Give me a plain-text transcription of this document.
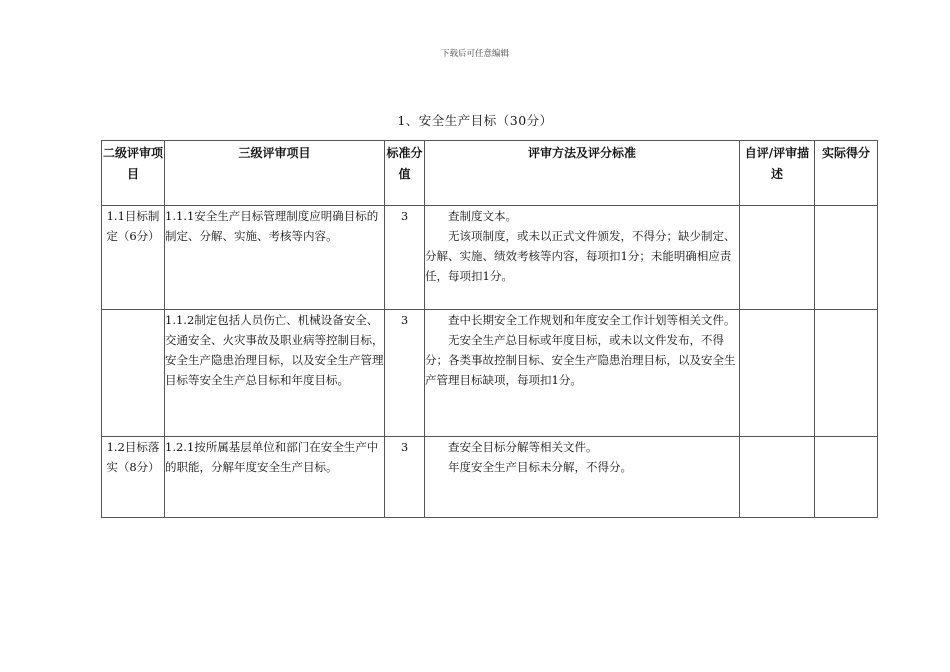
下载后可任意编辑
1、安全生产目标（30分）
二级评审项目	三级评审项目	标准分值	评审方法及评分标准	自评/评审描述	实际得分
1.1目标制定（6分）	1.1.1安全生产目标管理制度应明确目标的制定、分解、实施、考核等内容。	3	查制度文本。
无该项制度，或未以正式文件颁发，不得分；缺少制定、分解、实施、绩效考核等内容，每项扣1分；未能明确相应责任，每项扣1分。		

	1.1.2制定包括人员伤亡、机械设备安全、交通安全、火灾事故及职业病等控制目标，安全生产隐患治理目标，以及安全生产管理目标等安全生产总目标和年度目标。	3	查中长期安全工作规划和年度安全工作计划等相关文件。
无安全生产总目标或年度目标，或未以文件发布，不得分；各类事故控制目标、安全生产隐患治理目标，以及安全生产管理目标缺项，每项扣1分。		

1.2目标落实（8分）	1.2.1按所属基层单位和部门在安全生产中的职能，分解年度安全生产目标。	3	查安全目标分解等相关文件。
年度安全生产目标未分解，不得分。		
